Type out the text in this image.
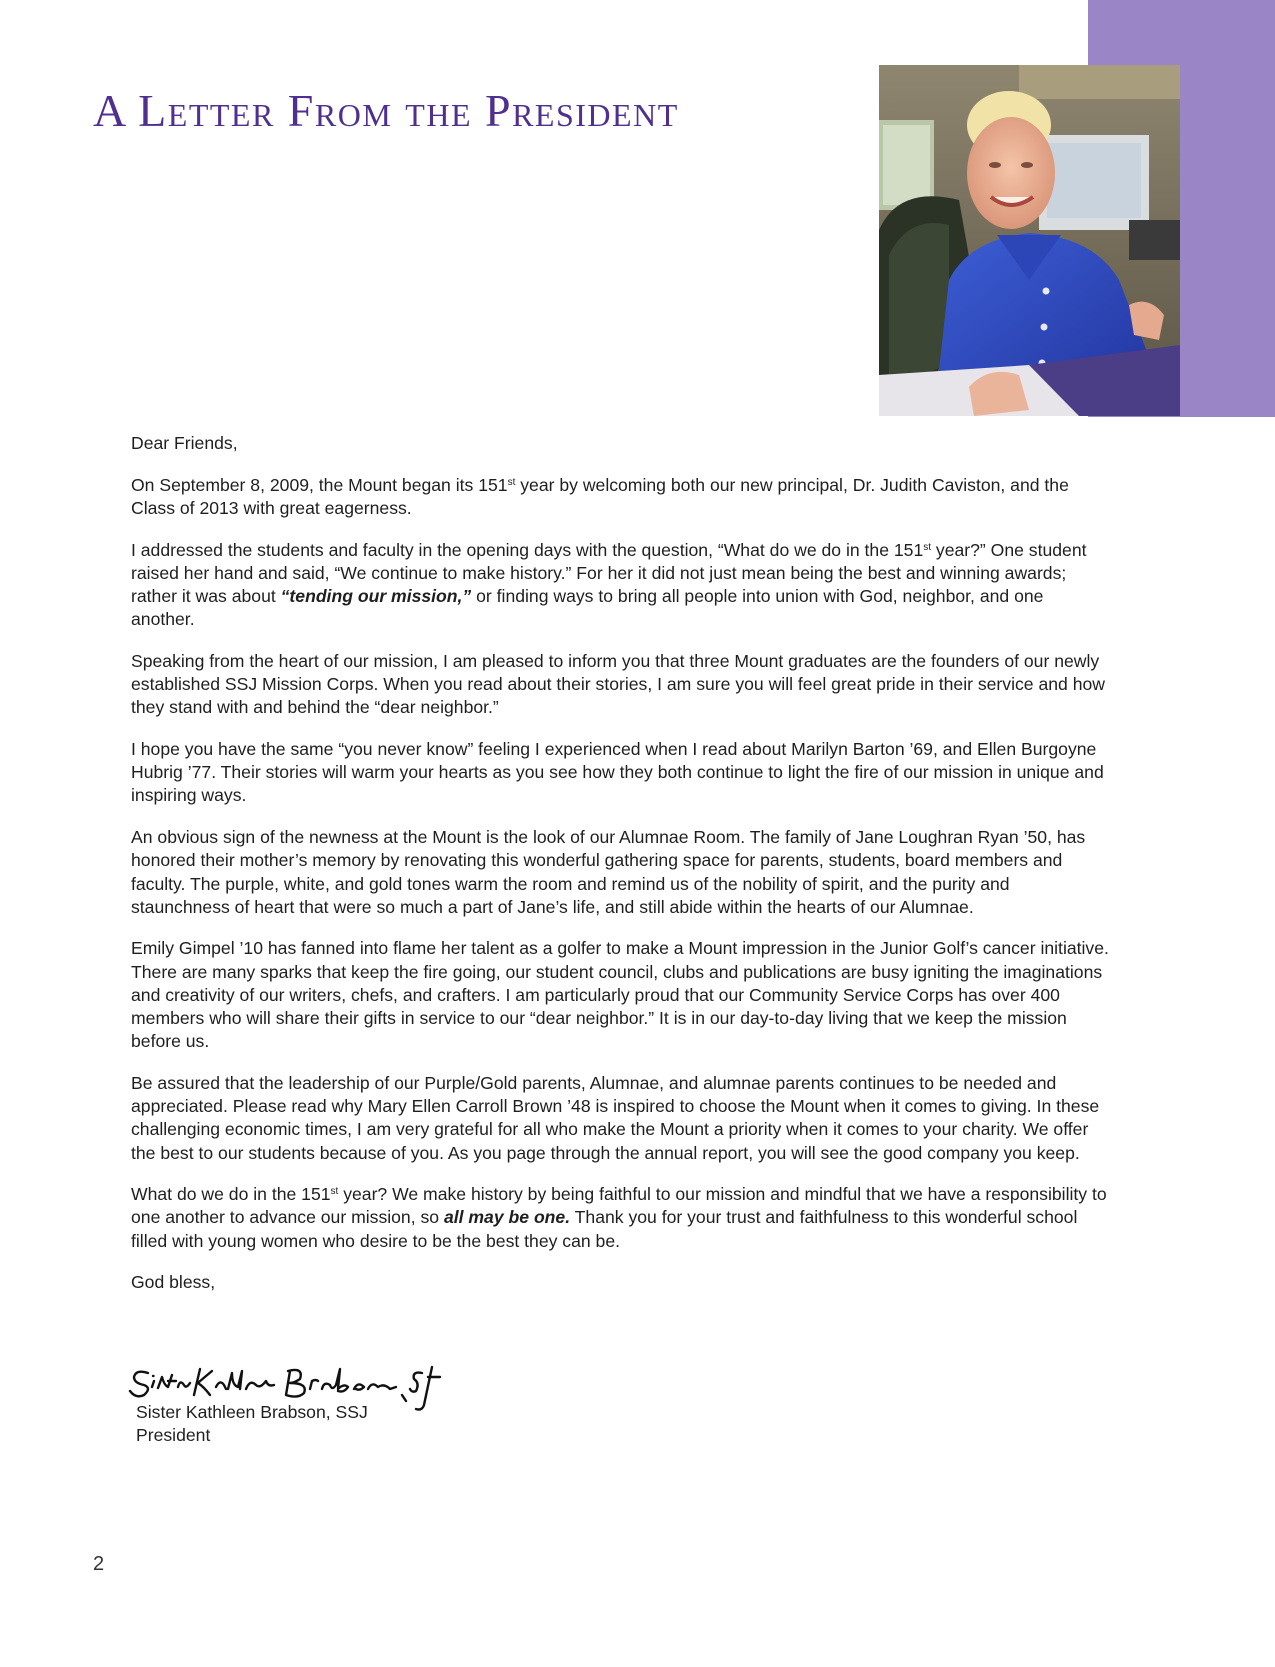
A Letter From the President

Dear Friends,

On September 8, 2009, the Mount began its 151st year by welcoming both our new principal, Dr. Judith Caviston, and the Class of 2013 with great eagerness.

I addressed the students and faculty in the opening days with the question, “What do we do in the 151st year?” One student raised her hand and said, “We continue to make history.” For her it did not just mean being the best and winning awards; rather it was about “tending our mission,” or finding ways to bring all people into union with God, neighbor, and one another.

Speaking from the heart of our mission, I am pleased to inform you that three Mount graduates are the founders of our newly established SSJ Mission Corps. When you read about their stories, I am sure you will feel great pride in their service and how they stand with and behind the “dear neighbor.”

I hope you have the same “you never know” feeling I experienced when I read about Marilyn Barton ’69, and Ellen Burgoyne Hubrig ’77. Their stories will warm your hearts as you see how they both continue to light the fire of our mission in unique and inspiring ways.

An obvious sign of the newness at the Mount is the look of our Alumnae Room. The family of Jane Loughran Ryan ’50, has honored their mother’s memory by renovating this wonderful gathering space for parents, students, board members and faculty. The purple, white, and gold tones warm the room and remind us of the nobility of spirit, and the purity and staunchness of heart that were so much a part of Jane’s life, and still abide within the hearts of our Alumnae.

Emily Gimpel ’10 has fanned into flame her talent as a golfer to make a Mount impression in the Junior Golf’s cancer initiative. There are many sparks that keep the fire going, our student council, clubs and publications are busy igniting the imaginations and creativity of our writers, chefs, and crafters. I am particularly proud that our Community Service Corps has over 400 members who will share their gifts in service to our “dear neighbor.” It is in our day-to-day living that we keep the mission before us.

Be assured that the leadership of our Purple/Gold parents, Alumnae, and alumnae parents continues to be needed and appreciated. Please read why Mary Ellen Carroll Brown ’48 is inspired to choose the Mount when it comes to giving. In these challenging economic times, I am very grateful for all who make the Mount a priority when it comes to your charity. We offer the best to our students because of you. As you page through the annual report, you will see the good company you keep.

What do we do in the 151st year? We make history by being faithful to our mission and mindful that we have a responsibility to one another to advance our mission, so all may be one. Thank you for your trust and faithfulness to this wonderful school filled with young women who desire to be the best they can be.

God bless,

Sister Kathleen Brabson, SSJ
President
2
